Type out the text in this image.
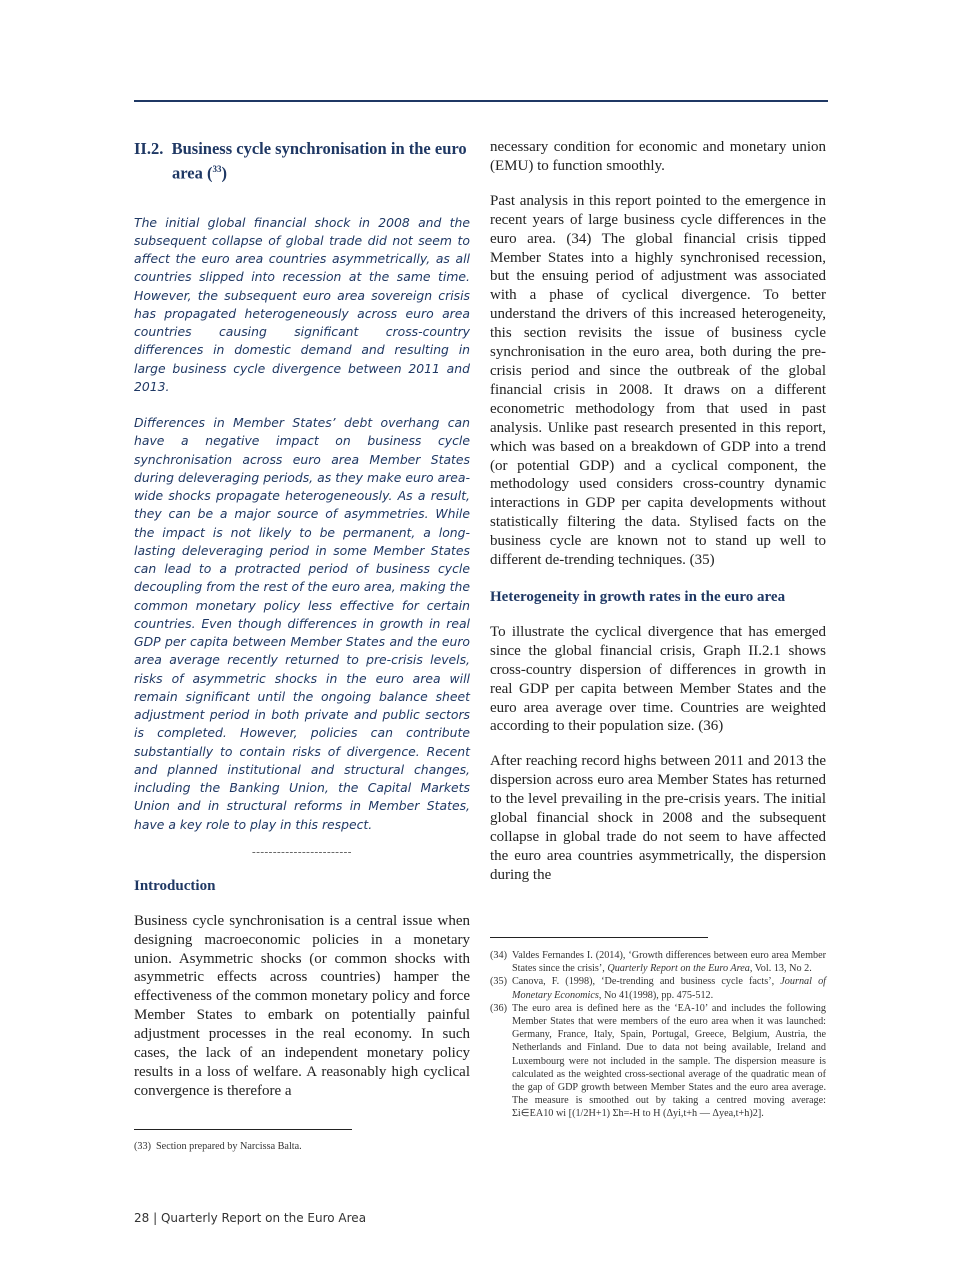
II.2. Business cycle synchronisation in the euro area ($^{33}$)

The initial global financial shock in 2008 and the subsequent collapse of global trade did not seem to affect the euro area countries asymmetrically, as all countries slipped into recession at the same time. However, the subsequent euro area sovereign crisis has propagated heterogeneously across euro area countries causing significant cross-country differences in domestic demand and resulting in large business cycle divergence between 2011 and 2013.

Differences in Member States’ debt overhang can have a negative impact on business cycle synchronisation across euro area Member States during deleveraging periods, as they make euro area-wide shocks propagate heterogeneously. As a result, they can be a major source of asymmetries. While the impact is not likely to be permanent, a long-lasting deleveraging period in some Member States can lead to a protracted period of business cycle decoupling from the rest of the euro area, making the common monetary policy less effective for certain countries. Even though differences in growth in real GDP per capita between Member States and the euro area average recently returned to pre-crisis levels, risks of asymmetric shocks in the euro area will remain significant until the ongoing balance sheet adjustment period in both private and public sectors is completed. However, policies can contribute substantially to contain risks of divergence. Recent and planned institutional and structural changes, including the Banking Union, the Capital Markets Union and in structural reforms in Member States, have a key role to play in this respect.

------------------------
Introduction

Business cycle synchronisation is a central issue when designing macroeconomic policies in a monetary union. Asymmetric shocks (or common shocks with asymmetric effects across countries) hamper the effectiveness of the common monetary policy and force Member States to embark on potentially painful adjustment processes in the real economy. In such cases, the lack of an independent monetary policy results in a loss of welfare. A reasonably high cyclical convergence is therefore a

(33) Section prepared by Narcissa Balta.

necessary condition for economic and monetary union (EMU) to function smoothly.

Past analysis in this report pointed to the emergence in recent years of large business cycle differences in the euro area. (34) The global financial crisis tipped Member States into a highly synchronised recession, but the ensuing period of adjustment was associated with a phase of cyclical divergence. To better understand the drivers of this increased heterogeneity, this section revisits the issue of business cycle synchronisation in the euro area, both during the pre-crisis period and since the outbreak of the global financial crisis in 2008. It draws on a different econometric methodology from that used in past analysis. Unlike past research presented in this report, which was based on a breakdown of GDP into a trend (or potential GDP) and a cyclical component, the methodology used considers cross-country dynamic interactions in GDP per capita developments without statistically filtering the data. Stylised facts on the business cycle are known not to stand up well to different de-trending techniques. (35)

Heterogeneity in growth rates in the euro area

To illustrate the cyclical divergence that has emerged since the global financial crisis, Graph II.2.1 shows cross-country dispersion of differences in growth in real GDP per capita between Member States and the euro area average over time. Countries are weighted according to their population size. (36)

After reaching record highs between 2011 and 2013 the dispersion across euro area Member States has returned to the level prevailing in the pre-crisis years. The initial global financial shock in 2008 and the subsequent collapse in global trade do not seem to have affected the euro area countries asymmetrically, the dispersion during the

(34) Valdes Fernandes I. (2014), ‘Growth differences between euro area Member States since the crisis’, Quarterly Report on the Euro Area, Vol. 13, No 2.
(35) Canova, F. (1998), ‘De-trending and business cycle facts’, Journal of Monetary Economics, No 41(1998), pp. 475-512.
(36) The euro area is defined here as the ‘EA-10’ and includes the following Member States that were members of the euro area when it was launched: Germany, France, Italy, Spain, Portugal, Greece, Belgium, Austria, the Netherlands and Finland. Due to data not being available, Ireland and Luxembourg were not included in the sample. The dispersion measure is calculated as the weighted cross-sectional average of the quadratic mean of the gap of GDP growth between Member States and the euro area average. The measure is smoothed out by taking a centred moving average: Σi∈EA10 wi [(1/2H+1) Σh=-H to H (Δyi,t+h — Δyea,t+h)2].
28 | Quarterly Report on the Euro Area
